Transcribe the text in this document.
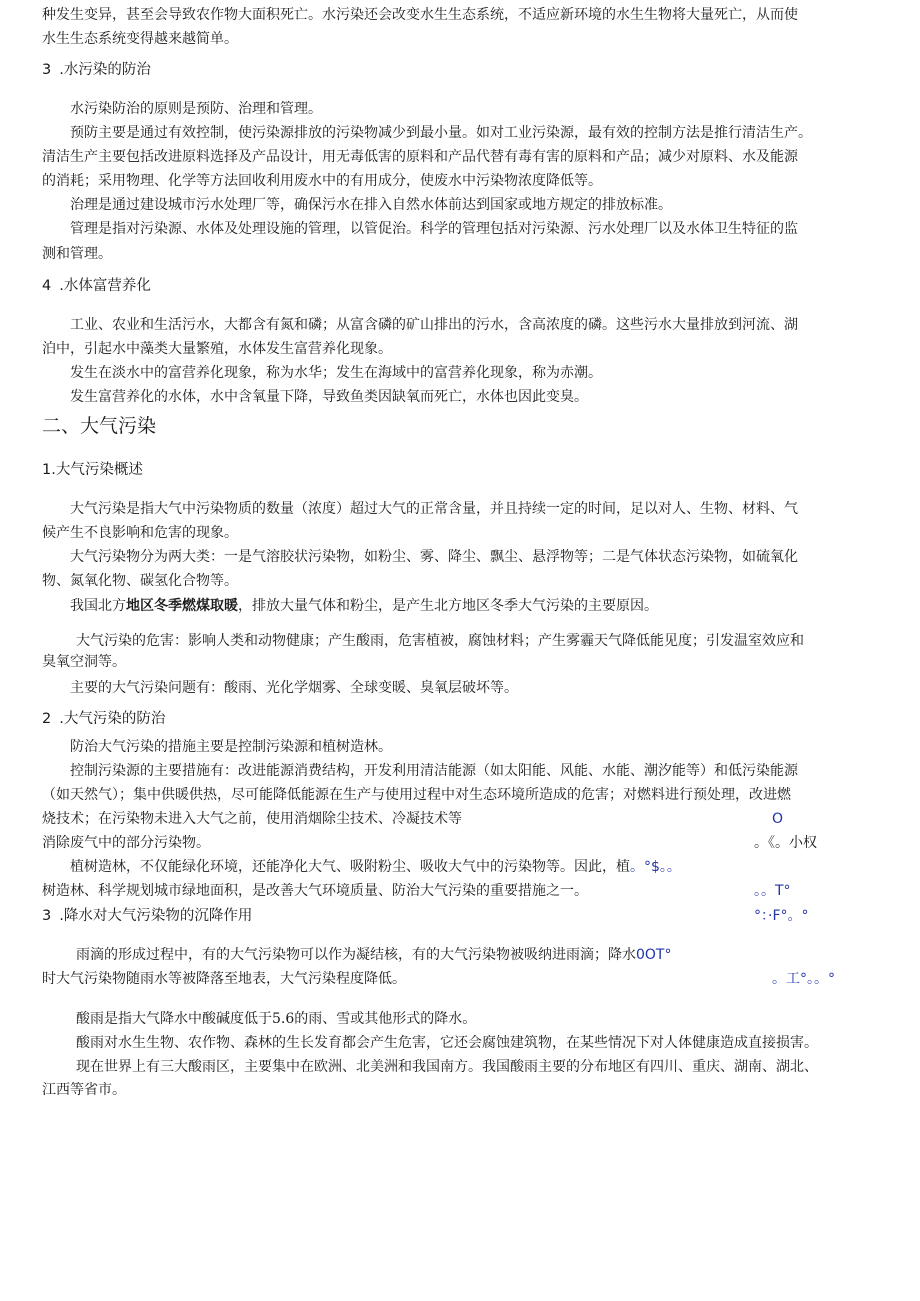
种发生变异，甚至会导致农作物大面积死亡。水污染还会改变水生生态系统，不适应新环境的水生生物将大量死亡，从而使
水生生态系统变得越来越简单。
3 .水污染的防治
水污染防治的原则是预防、治理和管理。
预防主要是通过有效控制，使污染源排放的污染物减少到最小量。如对工业污染源，最有效的控制方法是推行清洁生产。
清洁生产主要包括改进原料选择及产品设计，用无毒低害的原料和产品代替有毒有害的原料和产品；减少对原料、水及能源
的消耗；采用物理、化学等方法回收利用废水中的有用成分，使废水中污染物浓度降低等。
治理是通过建设城市污水处理厂等，确保污水在排入自然水体前达到国家或地方规定的排放标准。
管理是指对污染源、水体及处理设施的管理，以管促治。科学的管理包括对污染源、污水处理厂以及水体卫生特征的监
测和管理。
4 .水体富营养化
工业、农业和生活污水，大都含有氮和磷；从富含磷的矿山排出的污水，含高浓度的磷。这些污水大量排放到河流、湖
泊中，引起水中藻类大量繁殖，水体发生富营养化现象。
发生在淡水中的富营养化现象，称为水华；发生在海域中的富营养化现象，称为赤潮。
发生富营养化的水体，水中含氧量下降，导致鱼类因缺氧而死亡，水体也因此变臭。
二、大气污染
1.大气污染概述
大气污染是指大气中污染物质的数量（浓度）超过大气的正常含量，并且持续一定的时间，足以对人、生物、材料、气
候产生不良影响和危害的现象。
大气污染物分为两大类：一是气溶胶状污染物，如粉尘、雾、降尘、飘尘、悬浮物等；二是气体状态污染物，如硫氧化
物、氮氧化物、碳氢化合物等。
我国北方地区冬季燃煤取暖，排放大量气体和粉尘，是产生北方地区冬季大气污染的主要原因。
大气污染的危害：影响人类和动物健康；产生酸雨，危害植被，腐蚀材料；产生雾霾天气降低能见度；引发温室效应和
臭氧空洞等。
主要的大气污染问题有：酸雨、光化学烟雾、全球变暖、臭氧层破坏等。
2 .大气污染的防治
防治大气污染的措施主要是控制污染源和植树造林。
控制污染源的主要措施有：改进能源消费结构，开发利用清洁能源（如太阳能、风能、水能、潮汐能等）和低污染能源
（如天然气）；集中供暖供热，尽可能降低能源在生产与使用过程中对生态环境所造成的危害；对燃料进行预处理，改进燃
烧技术；在污染物未进入大气之前，使用消烟除尘技术、冷凝技术等	O
消除废气中的部分污染物。	。《。小权
植树造林，不仅能绿化环境，还能净化大气、吸附粉尘、吸收大气中的污染物等。因此，植。°$。。
树造林、科学规划城市绿地面积，是改善大气环境质量、防治大气污染的重要措施之一。	。。T°
3 .降水对大气污染物的沉降作用	°：·F°。°
雨滴的形成过程中，有的大气污染物可以作为凝结核，有的大气污染物被吸纳进雨滴；降水0OT°
时大气污染物随雨水等被降落至地表，大气污染程度降低。	。工°。。°
酸雨是指大气降水中酸碱度低于5.6的雨、雪或其他形式的降水。
酸雨对水生生物、农作物、森林的生长发育都会产生危害，它还会腐蚀建筑物，在某些情况下对人体健康造成直接损害。
现在世界上有三大酸雨区，主要集中在欧洲、北美洲和我国南方。我国酸雨主要的分布地区有四川、重庆、湖南、湖北、
江西等省市。
